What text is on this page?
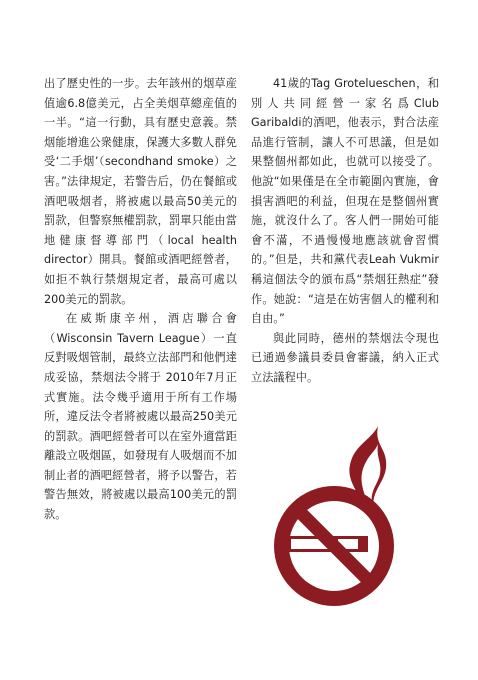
出了歷史性的一步。去年該州的烟草産值逾6.8億美元，占全美烟草總産值的一半。“這一行動，具有歷史意義。禁烟能增進公衆健康，保護大多數人群免受‘二手烟’（secondhand smoke）之害。”法律規定，若警告后，仍在餐館或酒吧吸烟者，將被處以最高50美元的罰款，但警察無權罰款，罰單只能由當地健康督導部門（local health director）開具。餐館或酒吧經營者，如拒不執行禁烟規定者，最高可處以200美元的罰款。

在威斯康辛州，酒店聯合會（Wisconsin Tavern League）一直反對吸烟管制，最終立法部門和他們達成妥協，禁烟法令將于 2010年7月正式實施。法令幾乎適用于所有工作場所，違反法令者將被處以最高250美元的罰款。酒吧經營者可以在室外適當距離設立吸烟區，如發現有人吸烟而不加制止者的酒吧經營者，將予以警告，若警告無效，將被處以最高100美元的罰款。

41歲的Tag Grotelueschen，和別人共同經營一家名爲Club Garibaldi的酒吧，他表示，對合法産品進行管制，讓人不可思議，但是如果整個州都如此，也就可以接受了。他說“如果僅是在全市範圍內實施，會損害酒吧的利益，但現在是整個州實施，就沒什么了。客人們一開始可能會不滿，不過慢慢地應該就會習慣的。”但是，共和黨代表Leah Vukmir稱這個法令的頒布爲“禁烟狂熱症”發作。她說：“這是在妨害個人的權利和自由。”

與此同時，德州的禁烟法令現也已通過參議員委員會審議，納入正式立法議程中。
